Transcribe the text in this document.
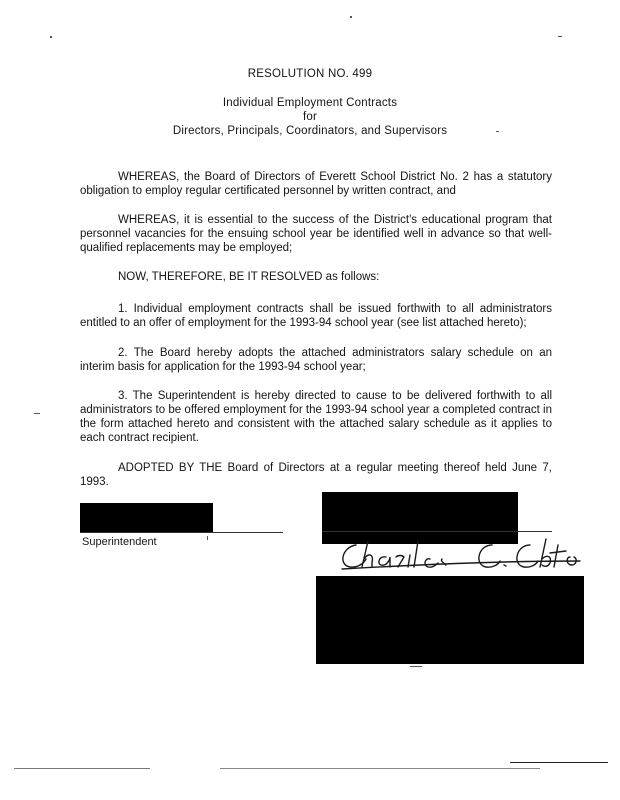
RESOLUTION NO. 499
Individual Employment Contracts
for
Directors, Principals, Coordinators, and Supervisors
WHEREAS, the Board of Directors of Everett School District No. 2 has a statutory obligation to employ regular certificated personnel by written contract, and
WHEREAS, it is essential to the success of the District's educational program that personnel vacancies for the ensuing school year be identified well in advance so that well-qualified replacements may be employed;
NOW, THEREFORE, BE IT RESOLVED as follows:
1. Individual employment contracts shall be issued forthwith to all administrators entitled to an offer of employment for the 1993-94 school year (see list attached hereto);
2. The Board hereby adopts the attached administrators salary schedule on an interim basis for application for the 1993-94 school year;
3. The Superintendent is hereby directed to cause to be delivered forthwith to all administrators to be offered employment for the 1993-94 school year a completed contract in the form attached hereto and consistent with the attached salary schedule as it applies to each contract recipient.
ADOPTED BY THE Board of Directors at a regular meeting thereof held June 7, 1993.
Superintendent
